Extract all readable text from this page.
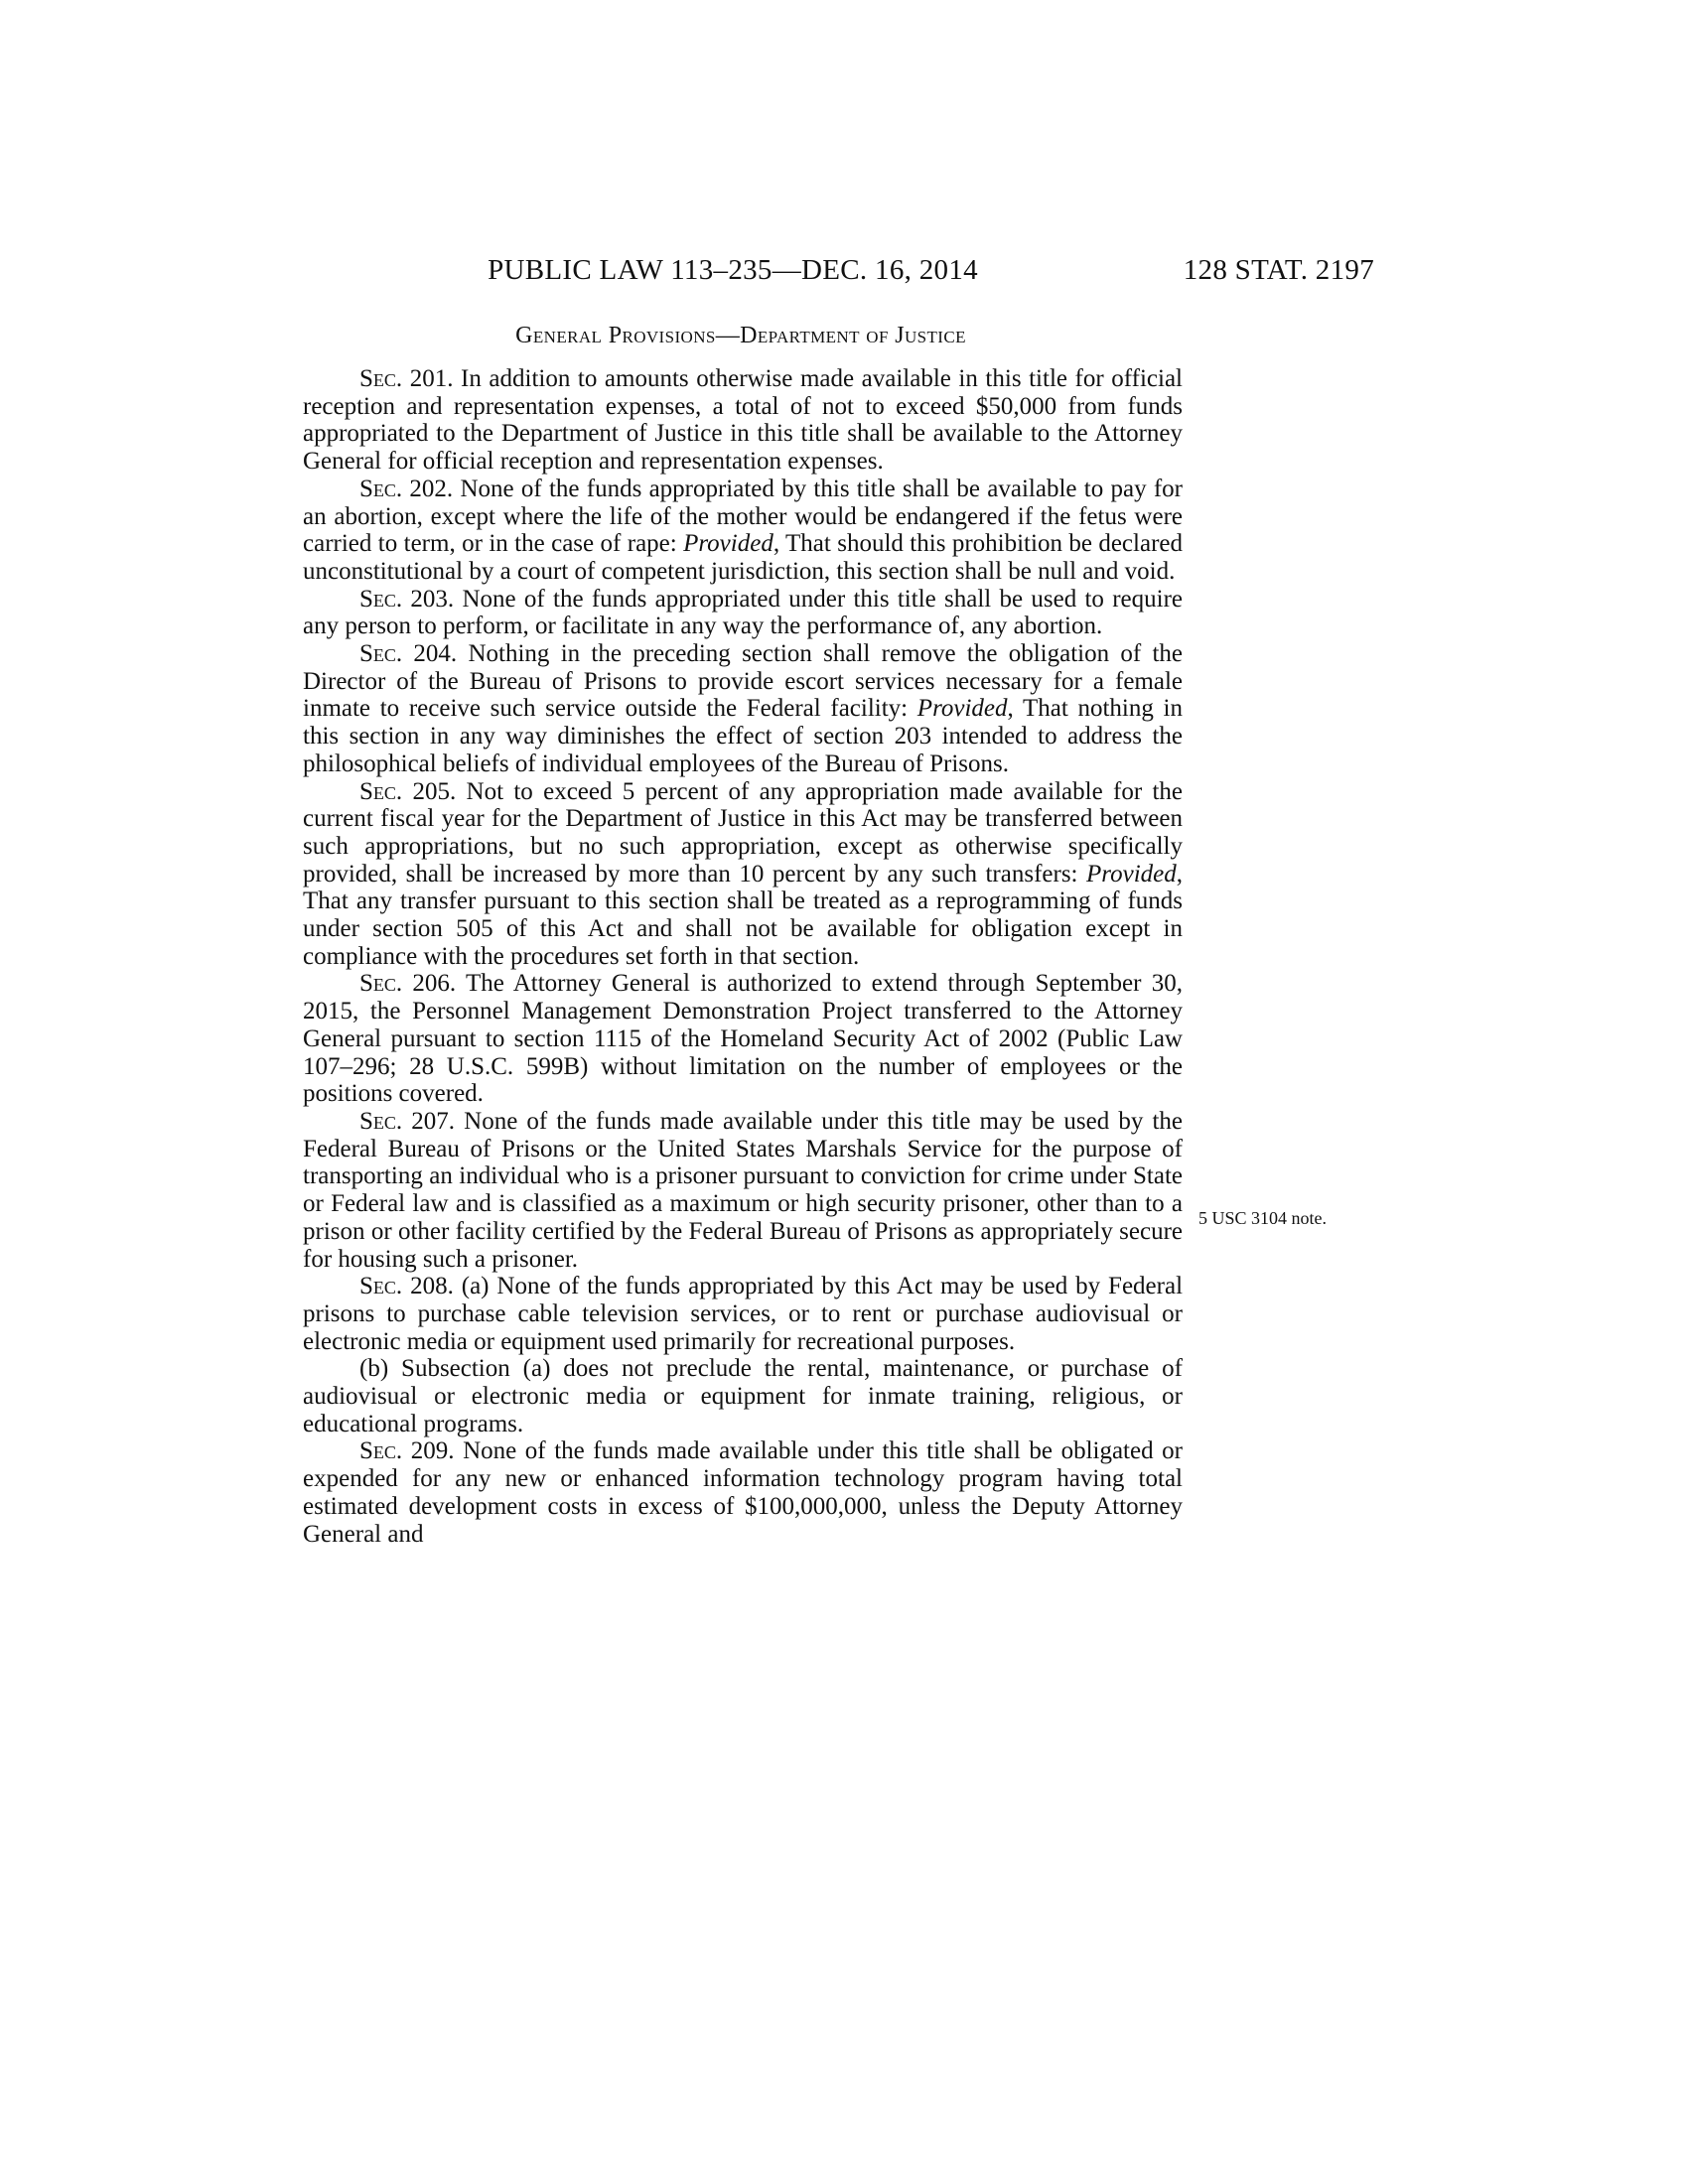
PUBLIC LAW 113–235—DEC. 16, 2014	128 STAT. 2197
General Provisions—Department of Justice

Sec. 201. In addition to amounts otherwise made available in this title for official reception and representation expenses, a total of not to exceed $50,000 from funds appropriated to the Department of Justice in this title shall be available to the Attorney General for official reception and representation expenses.

Sec. 202. None of the funds appropriated by this title shall be available to pay for an abortion, except where the life of the mother would be endangered if the fetus were carried to term, or in the case of rape: Provided, That should this prohibition be declared unconstitutional by a court of competent jurisdiction, this section shall be null and void.

Sec. 203. None of the funds appropriated under this title shall be used to require any person to perform, or facilitate in any way the performance of, any abortion.

Sec. 204. Nothing in the preceding section shall remove the obligation of the Director of the Bureau of Prisons to provide escort services necessary for a female inmate to receive such service outside the Federal facility: Provided, That nothing in this section in any way diminishes the effect of section 203 intended to address the philosophical beliefs of individual employees of the Bureau of Prisons.

Sec. 205. Not to exceed 5 percent of any appropriation made available for the current fiscal year for the Department of Justice in this Act may be transferred between such appropriations, but no such appropriation, except as otherwise specifically provided, shall be increased by more than 10 percent by any such transfers: Provided, That any transfer pursuant to this section shall be treated as a reprogramming of funds under section 505 of this Act and shall not be available for obligation except in compliance with the procedures set forth in that section.

Sec. 206. The Attorney General is authorized to extend through September 30, 2015, the Personnel Management Demonstration Project transferred to the Attorney General pursuant to section 1115 of the Homeland Security Act of 2002 (Public Law 107–296; 28 U.S.C. 599B) without limitation on the number of employees or the positions covered.

Sec. 207. None of the funds made available under this title may be used by the Federal Bureau of Prisons or the United States Marshals Service for the purpose of transporting an individual who is a prisoner pursuant to conviction for crime under State or Federal law and is classified as a maximum or high security prisoner, other than to a prison or other facility certified by the Federal Bureau of Prisons as appropriately secure for housing such a prisoner.

Sec. 208. (a) None of the funds appropriated by this Act may be used by Federal prisons to purchase cable television services, or to rent or purchase audiovisual or electronic media or equipment used primarily for recreational purposes.

(b) Subsection (a) does not preclude the rental, maintenance, or purchase of audiovisual or electronic media or equipment for inmate training, religious, or educational programs.

Sec. 209. None of the funds made available under this title shall be obligated or expended for any new or enhanced information technology program having total estimated development costs in excess of $100,000,000, unless the Deputy Attorney General and

5 USC 3104 note.
